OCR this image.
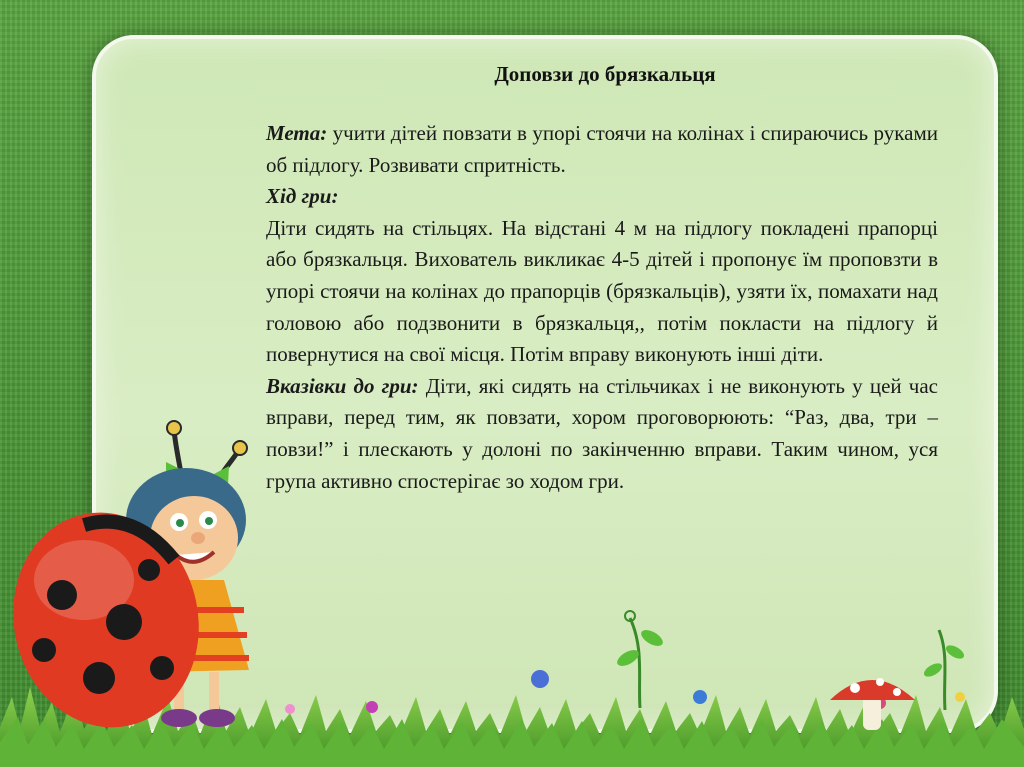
Доповзи до брязкальця

Мета: учити дітей повзати в упорі стоячи на колінах і спираючись руками об підлогу. Розвивати спритність.

Хід гри:

Діти сидять на стільцях. На відстані 4 м на підлогу покладені прапорці або брязкальця. Вихователь викликає 4-5 дітей і пропонує їм проповзти в упорі стоячи на колінах до прапорців (брязкальців), узяти їх, помахати над головою або подзвонити в брязкальця,, потім покласти на підлогу й повернутися на свої місця. Потім вправу виконують інші діти.

Вказівки до гри: Діти, які сидять на стільчиках і не виконують у цей час вправи, перед тим, як повзати, хором проговорюють: “Раз, два, три – повзи!” і плескають у долоні по закінченню вправи. Таким чином, уся група активно спостерігає зо ходом гри.
